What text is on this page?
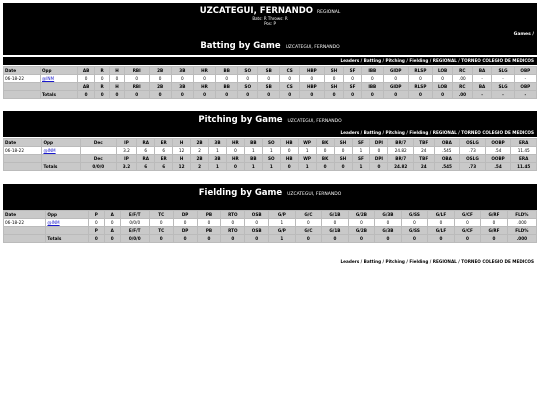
UZCATEGUI, FERNANDO REGIONAL
Bats: R Throws: R
Pos: P
Games /
Batting by Game UZCATEGUI, FERNANDO
Leaders / Batting / Pitching / Fielding / REGIONAL / TORNEO COLEGIO DE MEDICOS
Date	Opp	AB	R	H	RBI	2B	3B	HR	BB	SO	SB	CS	HBP	SH	SF	IBB	GIDP	RLSP	LOB	RC	BA	SLG	OBP
06-18-22	@INM	0	0	0	0	0	0	0	0	0	0	0	0	0	0	0	0	0	0	.00	-	-	-
		AB	R	H	RBI	2B	3B	HR	BB	SO	SB	CS	HBP	SH	SF	IBB	GIDP	RLSP	LOB	RC	BA	SLG	OBP
	Totals	0	0	0	0	0	0	0	0	0	0	0	0	0	0	0	0	0	0	.00	-	-	-
Pitching by Game UZCATEGUI, FERNANDO
Leaders / Batting / Pitching / Fielding / REGIONAL / TORNEO COLEGIO DE MEDICOS
Date	Opp	Dec	IP	RA	ER	H	2B	3B	HR	BB	SO	HB	WP	BK	SH	SF	DPI	BR/7	TBF	OBA	OSLG	OOBP	ERA
06-18-22	@INM		3.2	6	6	12	2	1	0	1	1	0	1	0	0	1	0	24.82	24	.545	.73	.54	11.45
		Dec	IP	RA	ER	H	2B	3B	HR	BB	SO	HB	WP	BK	SH	SF	DPI	BR/7	TBF	OBA	OSLG	OOBP	ERA
	Totals	0/0/0	3.2	6	6	12	2	1	0	1	1	0	1	0	0	1	0	24.82	24	.545	.73	.54	11.45
Fielding by Game UZCATEGUI, FERNANDO
Date	Opp	P	A	E/F/T	TC	DP	PB	RTO	OSB	G/P	G/C	G/1B	G/2B	G/3B	G/SS	G/LF	G/CF	G/RF	FLD%
06-18-22	@INM	0	0	0/0/0	0	0	0	0	0	1	0	0	0	0	0	0	0	0	.000
		P	A	E/F/T	TC	DP	PB	RTO	OSB	G/P	G/C	G/1B	G/2B	G/3B	G/SS	G/LF	G/CF	G/RF	FLD%
	Totals	0	0	0/0/0	0	0	0	0	0	1	0	0	0	0	0	0	0	0	.000
Leaders / Batting / Pitching / Fielding / REGIONAL / TORNEO COLEGIO DE MEDICOS
